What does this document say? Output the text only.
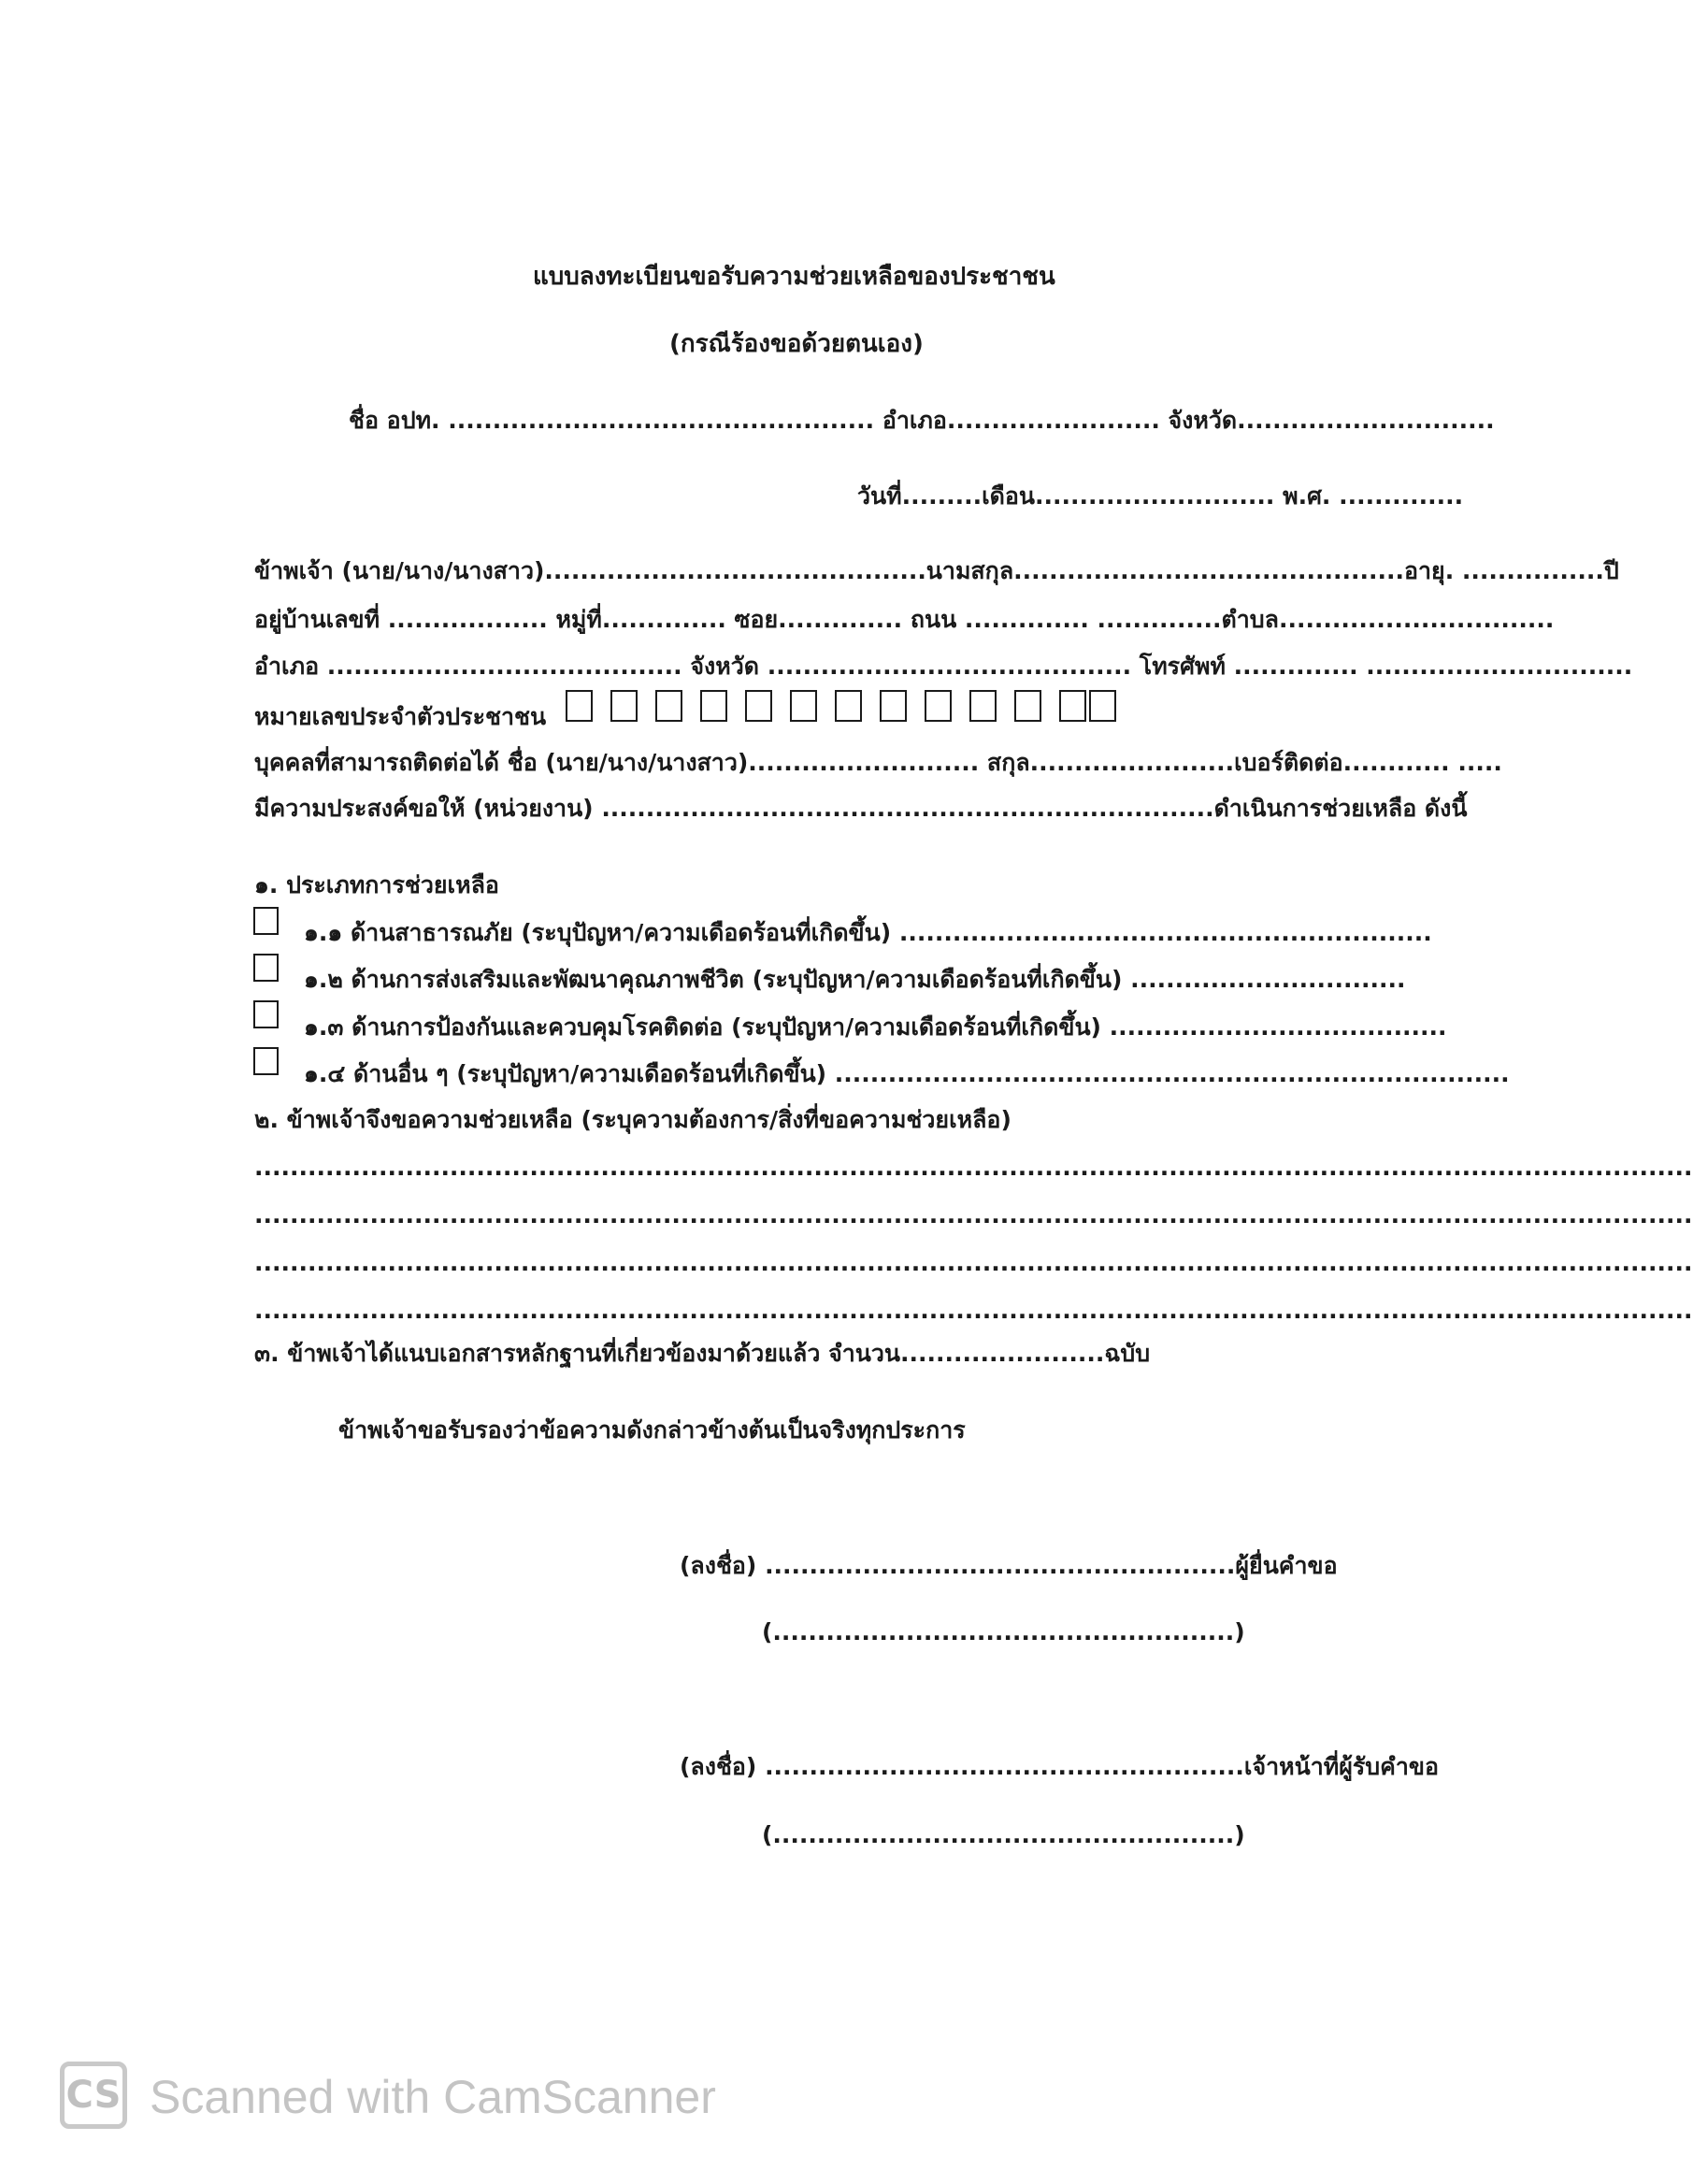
แบบลงทะเบียนขอรับความช่วยเหลือของประชาชน
(กรณีร้องขอด้วยตนเอง)
ชื่อ อปท. ................................................ อำเภอ........................ จังหวัด.............................
วันที่.........เดือน........................... พ.ศ. ..............
ข้าพเจ้า (นาย/นาง/นางสาว)...........................................นามสกุล............................................อายุ. ................ปี
อยู่บ้านเลขที่ .................. หมู่ที่.............. ซอย.............. ถนน .............. ..............ตำบล...............................
อำเภอ ........................................ จังหวัด ......................................... โทรศัพท์ .............. ..............................
หมายเลขประจำตัวประชาชน
บุคคลที่สามารถติดต่อได้ ชื่อ (นาย/นาง/นางสาว).......................... สกุล.......................เบอร์ติดต่อ............ .....
มีความประสงค์ขอให้ (หน่วยงาน) .....................................................................ดำเนินการช่วยเหลือ ดังนี้
๑. ประเภทการช่วยเหลือ
๑.๑ ด้านสาธารณภัย (ระบุปัญหา/ความเดือดร้อนที่เกิดขึ้น) ............................................................
๑.๒ ด้านการส่งเสริมและพัฒนาคุณภาพชีวิต (ระบุปัญหา/ความเดือดร้อนที่เกิดขึ้น) ...............................
๑.๓ ด้านการป้องกันและควบคุมโรคติดต่อ (ระบุปัญหา/ความเดือดร้อนที่เกิดขึ้น) ......................................
๑.๔ ด้านอื่น ๆ (ระบุปัญหา/ความเดือดร้อนที่เกิดขึ้น) ............................................................................
๒. ข้าพเจ้าจึงขอความช่วยเหลือ (ระบุความต้องการ/สิ่งที่ขอความช่วยเหลือ)
..................................................................................................................................................................
..................................................................................................................................................................
..................................................................................................................................................................
..................................................................................................................................................................
๓. ข้าพเจ้าได้แนบเอกสารหลักฐานที่เกี่ยวข้องมาด้วยแล้ว จำนวน.......................ฉบับ
ข้าพเจ้าขอรับรองว่าข้อความดังกล่าวข้างต้นเป็นจริงทุกประการ
(ลงชื่อ) .....................................................ผู้ยื่นคำขอ
(....................................................)
(ลงชื่อ) ......................................................เจ้าหน้าที่ผู้รับคำขอ
(....................................................)
CS Scanned with CamScanner
